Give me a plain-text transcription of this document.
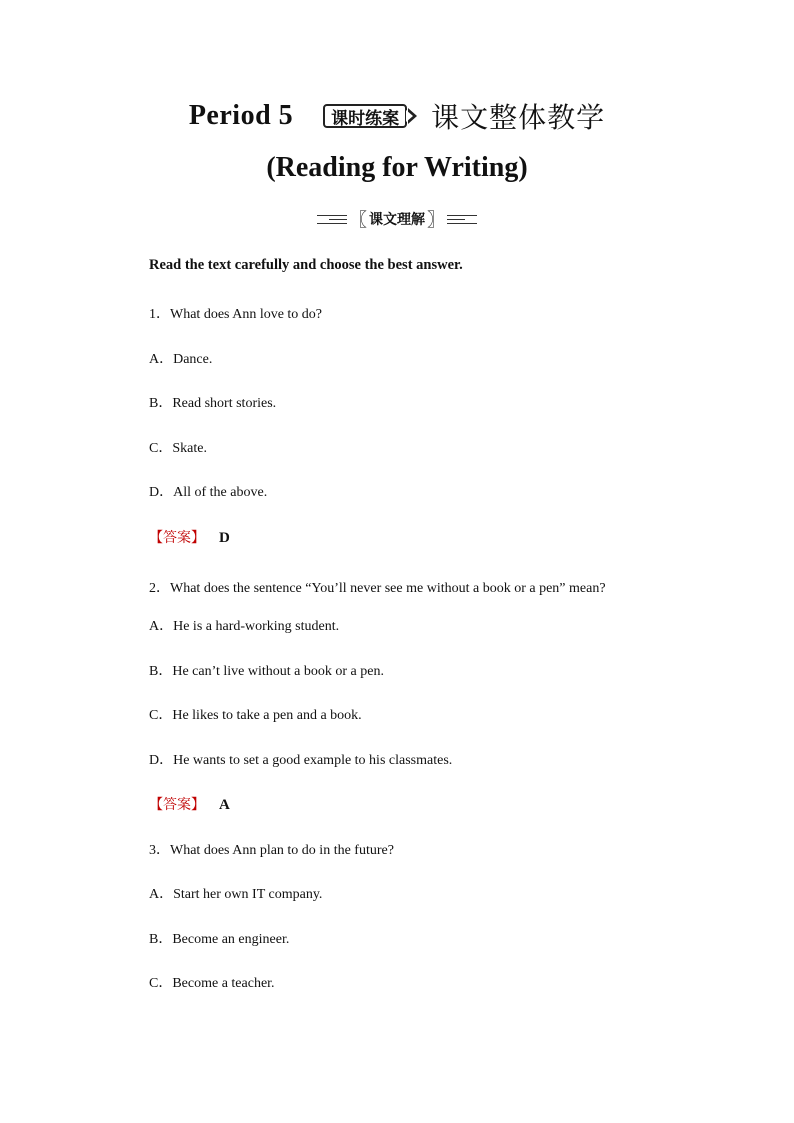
Period 5	课时练案 课文整体教学
(Reading for Writing)
〖 课文理解 〗

Read the text carefully and choose the best answer.

1．What does Ann love to do?

A．Dance.

B．Read short stories.

C．Skate.

D．All of the above.

【答案】 D

2．What does the sentence “You’ll never see me without a book or a pen” mean?

A．He is a hard-working student.

B．He can’t live without a book or a pen.

C．He likes to take a pen and a book.

D．He wants to set a good example to his classmates.

【答案】 A

3．What does Ann plan to do in the future?

A．Start her own IT company.

B．Become an engineer.

C．Become a teacher.
